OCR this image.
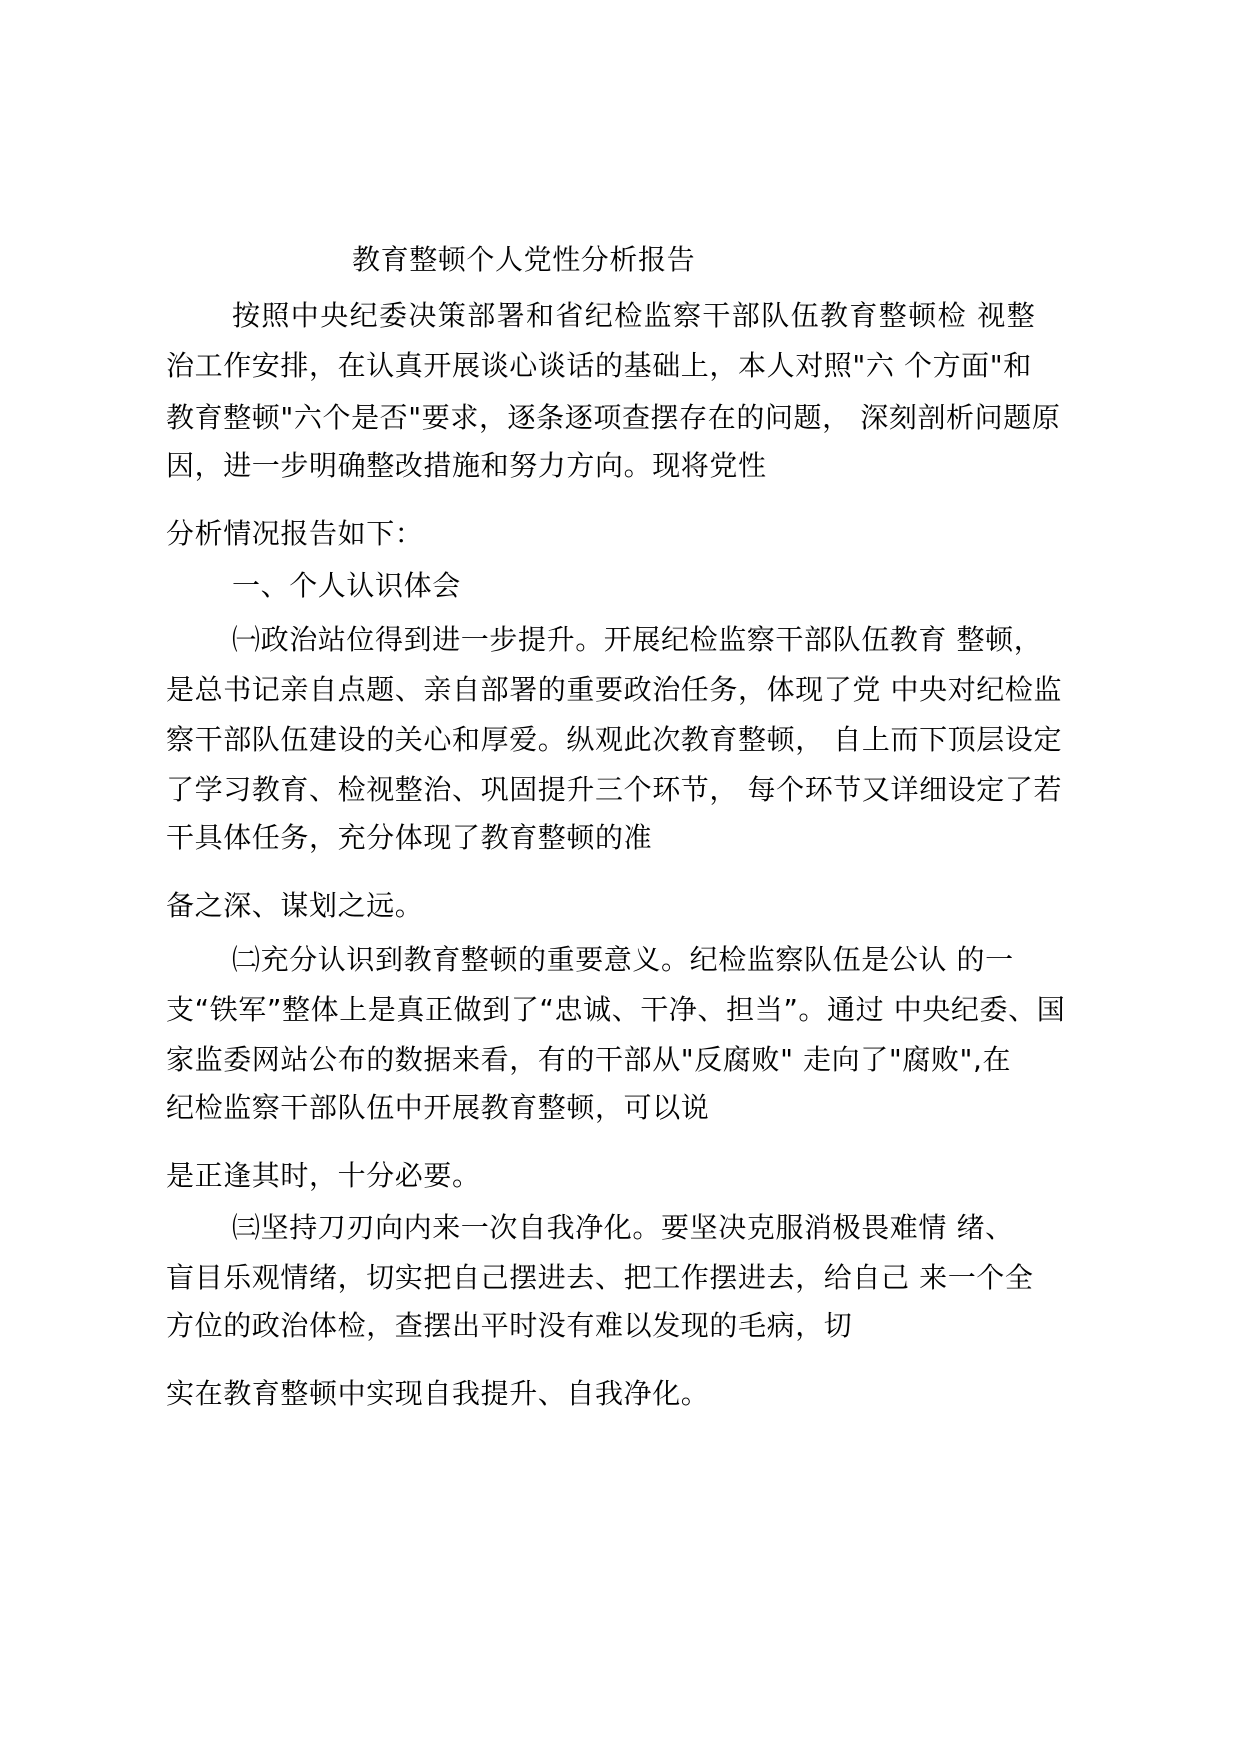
教育整顿个人党性分析报告
按照中央纪委决策部署和省纪检监察干部队伍教育整顿检 视整
治工作安排，在认真开展谈心谈话的基础上，本人对照"六 个方面"和
教育整顿"六个是否"要求，逐条逐项查摆存在的问题， 深刻剖析问题原
因，进一步明确整改措施和努力方向。现将党性
分析情况报告如下：
一、个人认识体会
㈠政治站位得到进一步提升。开展纪检监察干部队伍教育 整顿，
是总书记亲自点题、亲自部署的重要政治任务，体现了党 中央对纪检监
察干部队伍建设的关心和厚爱。纵观此次教育整顿， 自上而下顶层设定
了学习教育、检视整治、巩固提升三个环节， 每个环节又详细设定了若
干具体任务，充分体现了教育整顿的准
备之深、谋划之远。
㈡充分认识到教育整顿的重要意义。纪检监察队伍是公认 的一
支“铁军”整体上是真正做到了“忠诚、干净、担当”。通过 中央纪委、国
家监委网站公布的数据来看，有的干部从"反腐败" 走向了"腐败",在
纪检监察干部队伍中开展教育整顿，可以说
是正逢其时，十分必要。
㈢坚持刀刃向内来一次自我净化。要坚决克服消极畏难情 绪、
盲目乐观情绪，切实把自己摆进去、把工作摆进去，给自己 来一个全
方位的政治体检，查摆出平时没有难以发现的毛病，切
实在教育整顿中实现自我提升、自我净化。
